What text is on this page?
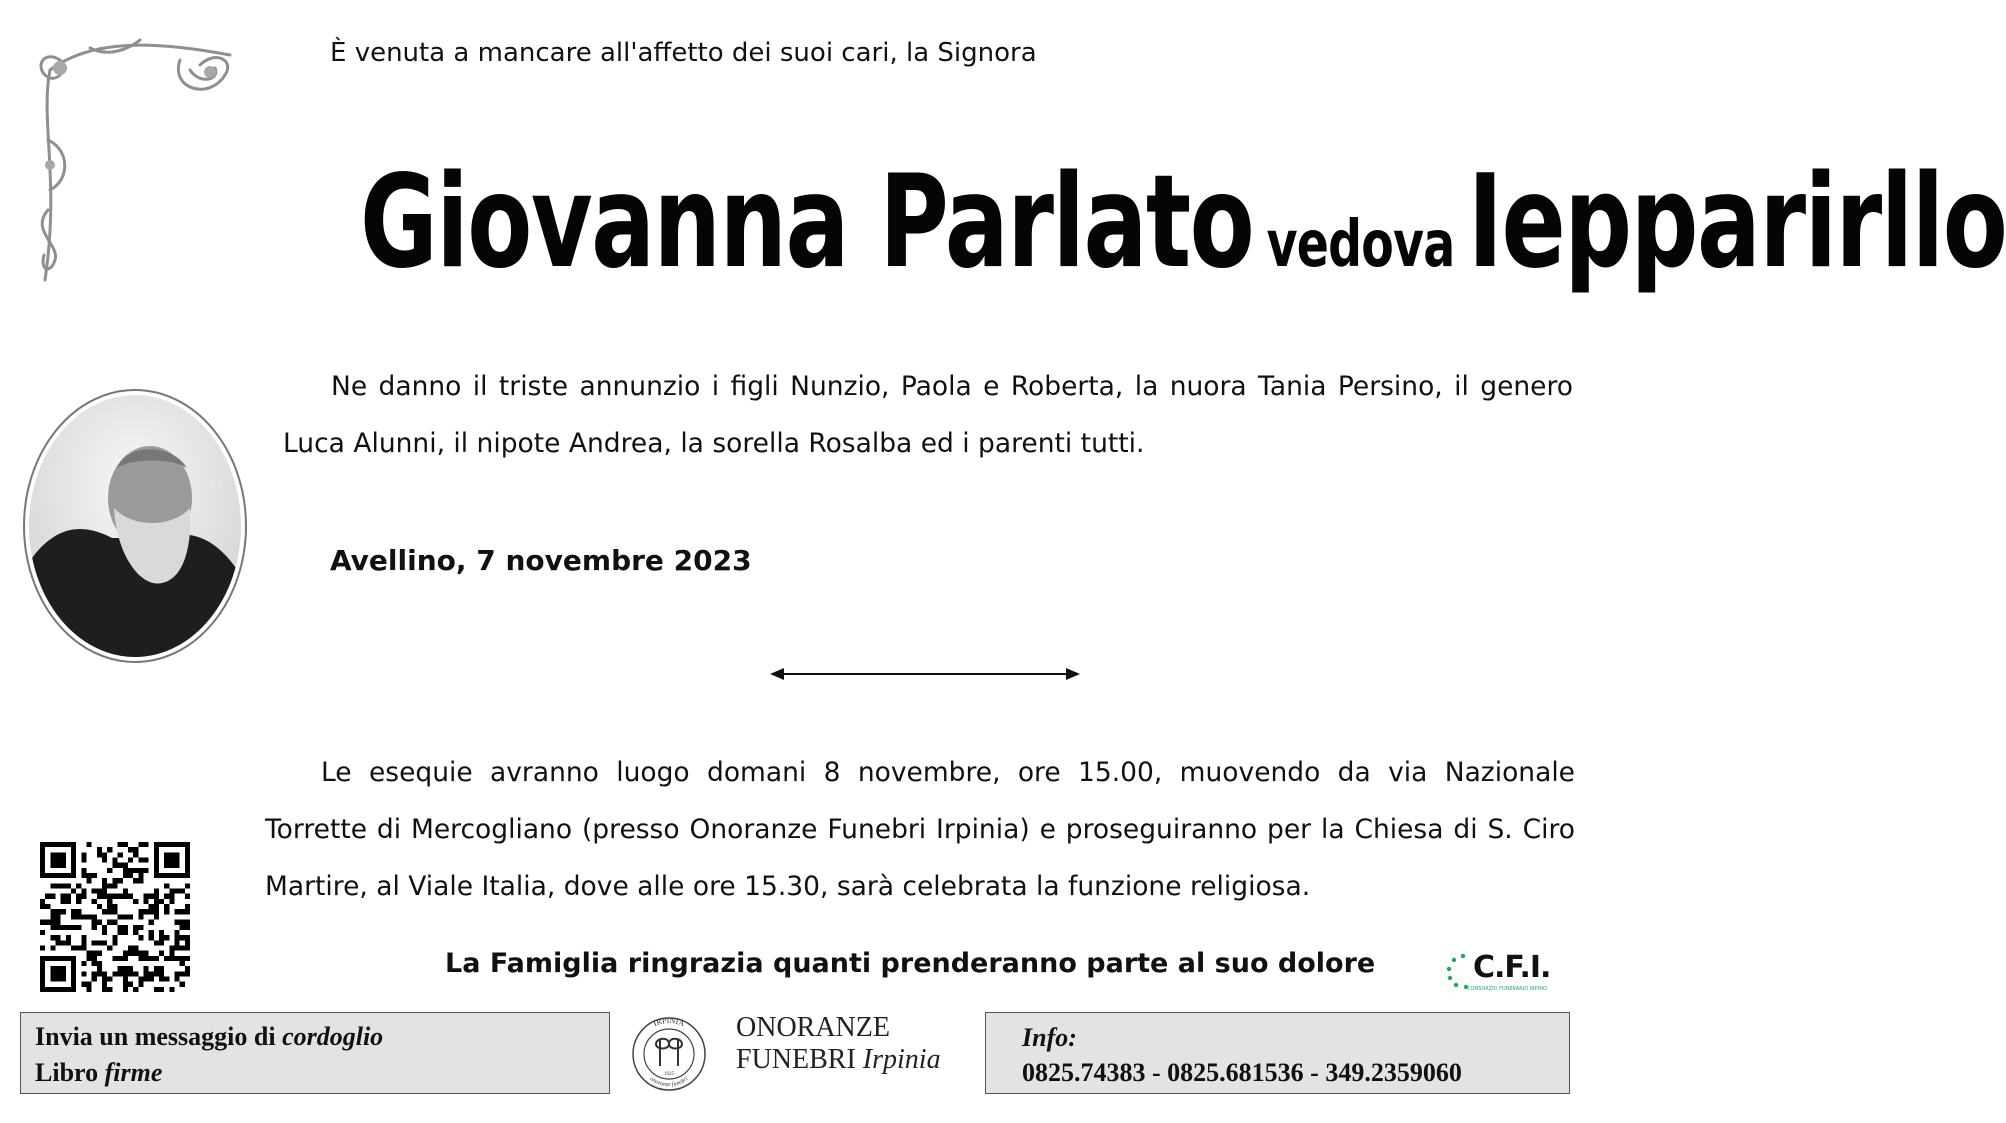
È venuta a mancare all'affetto dei suoi cari, la Signora
Giovanna Parlato vedova Iepparirllo
Ne danno il triste annunzio i figli Nunzio, Paola e Roberta, la nuora Tania Persino, il genero Luca Alunni, il nipote Andrea, la sorella Rosalba ed i parenti tutti.
Avellino, 7 novembre 2023
Le esequie avranno luogo domani 8 novembre, ore 15.00, muovendo da via Nazionale Torrette di Mercogliano (presso Onoranze Funebri Irpinia) e proseguiranno per la Chiesa di S. Ciro Martire, al Viale Italia, dove alle ore 15.30, sarà celebrata la funzione religiosa.
La Famiglia ringrazia quanti prenderanno parte al suo dolore	C.F.I.
CONSORZIO FUNERARIO IRPINO
Invia un messaggio di cordoglio
Libro firme
IRPINIA
onoranze funebri
1925
ONORANZE
FUNEBRI Irpinia
Info:
0825.74383 - 0825.681536 - 349.2359060
